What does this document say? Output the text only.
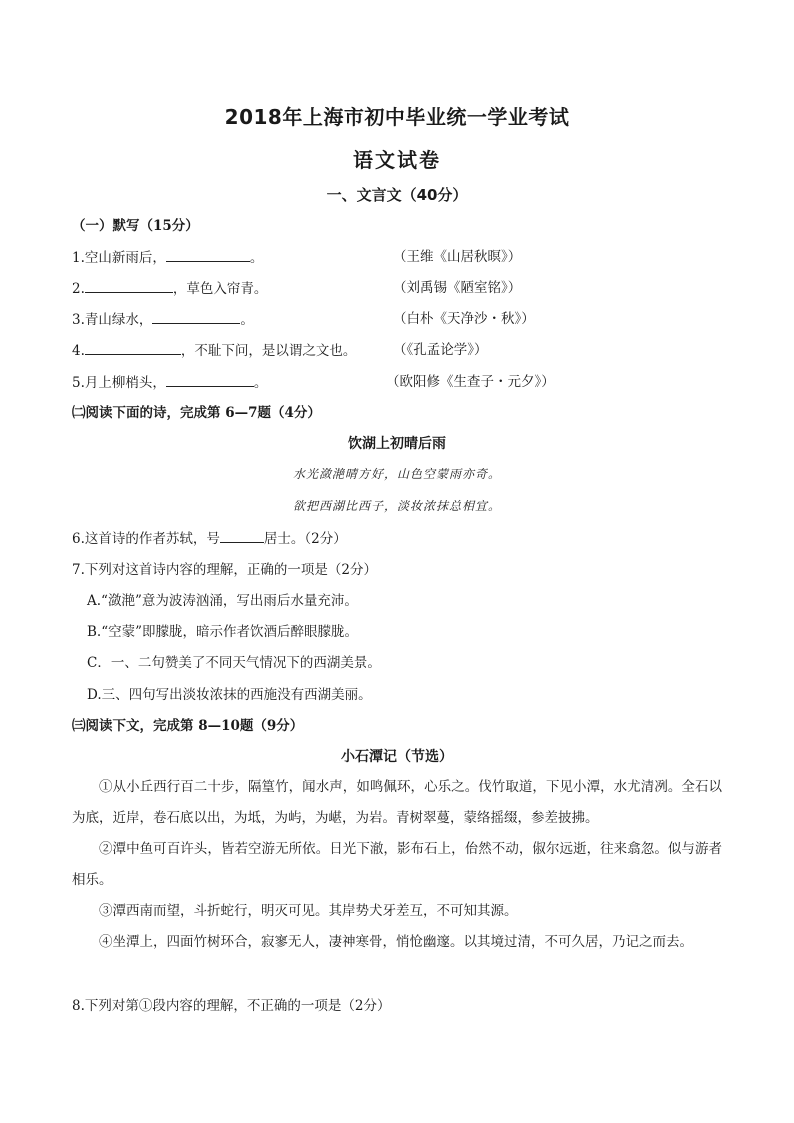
2018年上海市初中毕业统一学业考试
语文试卷
一、文言文（40分）
（一）默写（15分）
1.空山新雨后，	。	（王维《山居秋暝》）
2.	，草色入帘青。	（刘禹锡《陋室铭》）
3.青山绿水，	。	（白朴《天净沙・秋》）
4.	，不耻下问，是以谓之文也。	（《孔孟论学》）
5.月上柳梢头，	。	（欧阳修《生查子・元夕》）
㈡阅读下面的诗，完成第 6—7题（4分）
饮湖上初晴后雨
水光潋滟晴方好，山色空蒙雨亦奇。
欲把西湖比西子，淡妆浓抹总相宜。
6.这首诗的作者苏轼，号	居士。（2分）
7.下列对这首诗内容的理解，正确的一项是（2分）
A.“潋滟”意为波涛汹涌，写出雨后水量充沛。
B.“空蒙”即朦胧，暗示作者饮酒后醉眼朦胧。
C．一、二句赞美了不同天气情况下的西湖美景。
D.三、四句写出淡妆浓抹的西施没有西湖美丽。
㈢阅读下文，完成第 8—10题（9分）
小石潭记（节选）
①从小丘西行百二十步，隔篁竹，闻水声，如鸣佩环，心乐之。伐竹取道，下见小潭，水尤清冽。全石以为底，近岸，卷石底以出，为坻，为屿，为嵁，为岩。青树翠蔓，蒙络摇缀，参差披拂。
②潭中鱼可百许头，皆若空游无所依。日光下澈，影布石上，佁然不动，俶尔远逝，往来翕忽。似与游者相乐。
③潭西南而望，斗折蛇行，明灭可见。其岸势犬牙差互，不可知其源。
④坐潭上，四面竹树环合，寂寥无人，凄神寒骨，悄怆幽邃。以其境过清，不可久居，乃记之而去。
8.下列对第①段内容的理解，不正确的一项是（2分）
